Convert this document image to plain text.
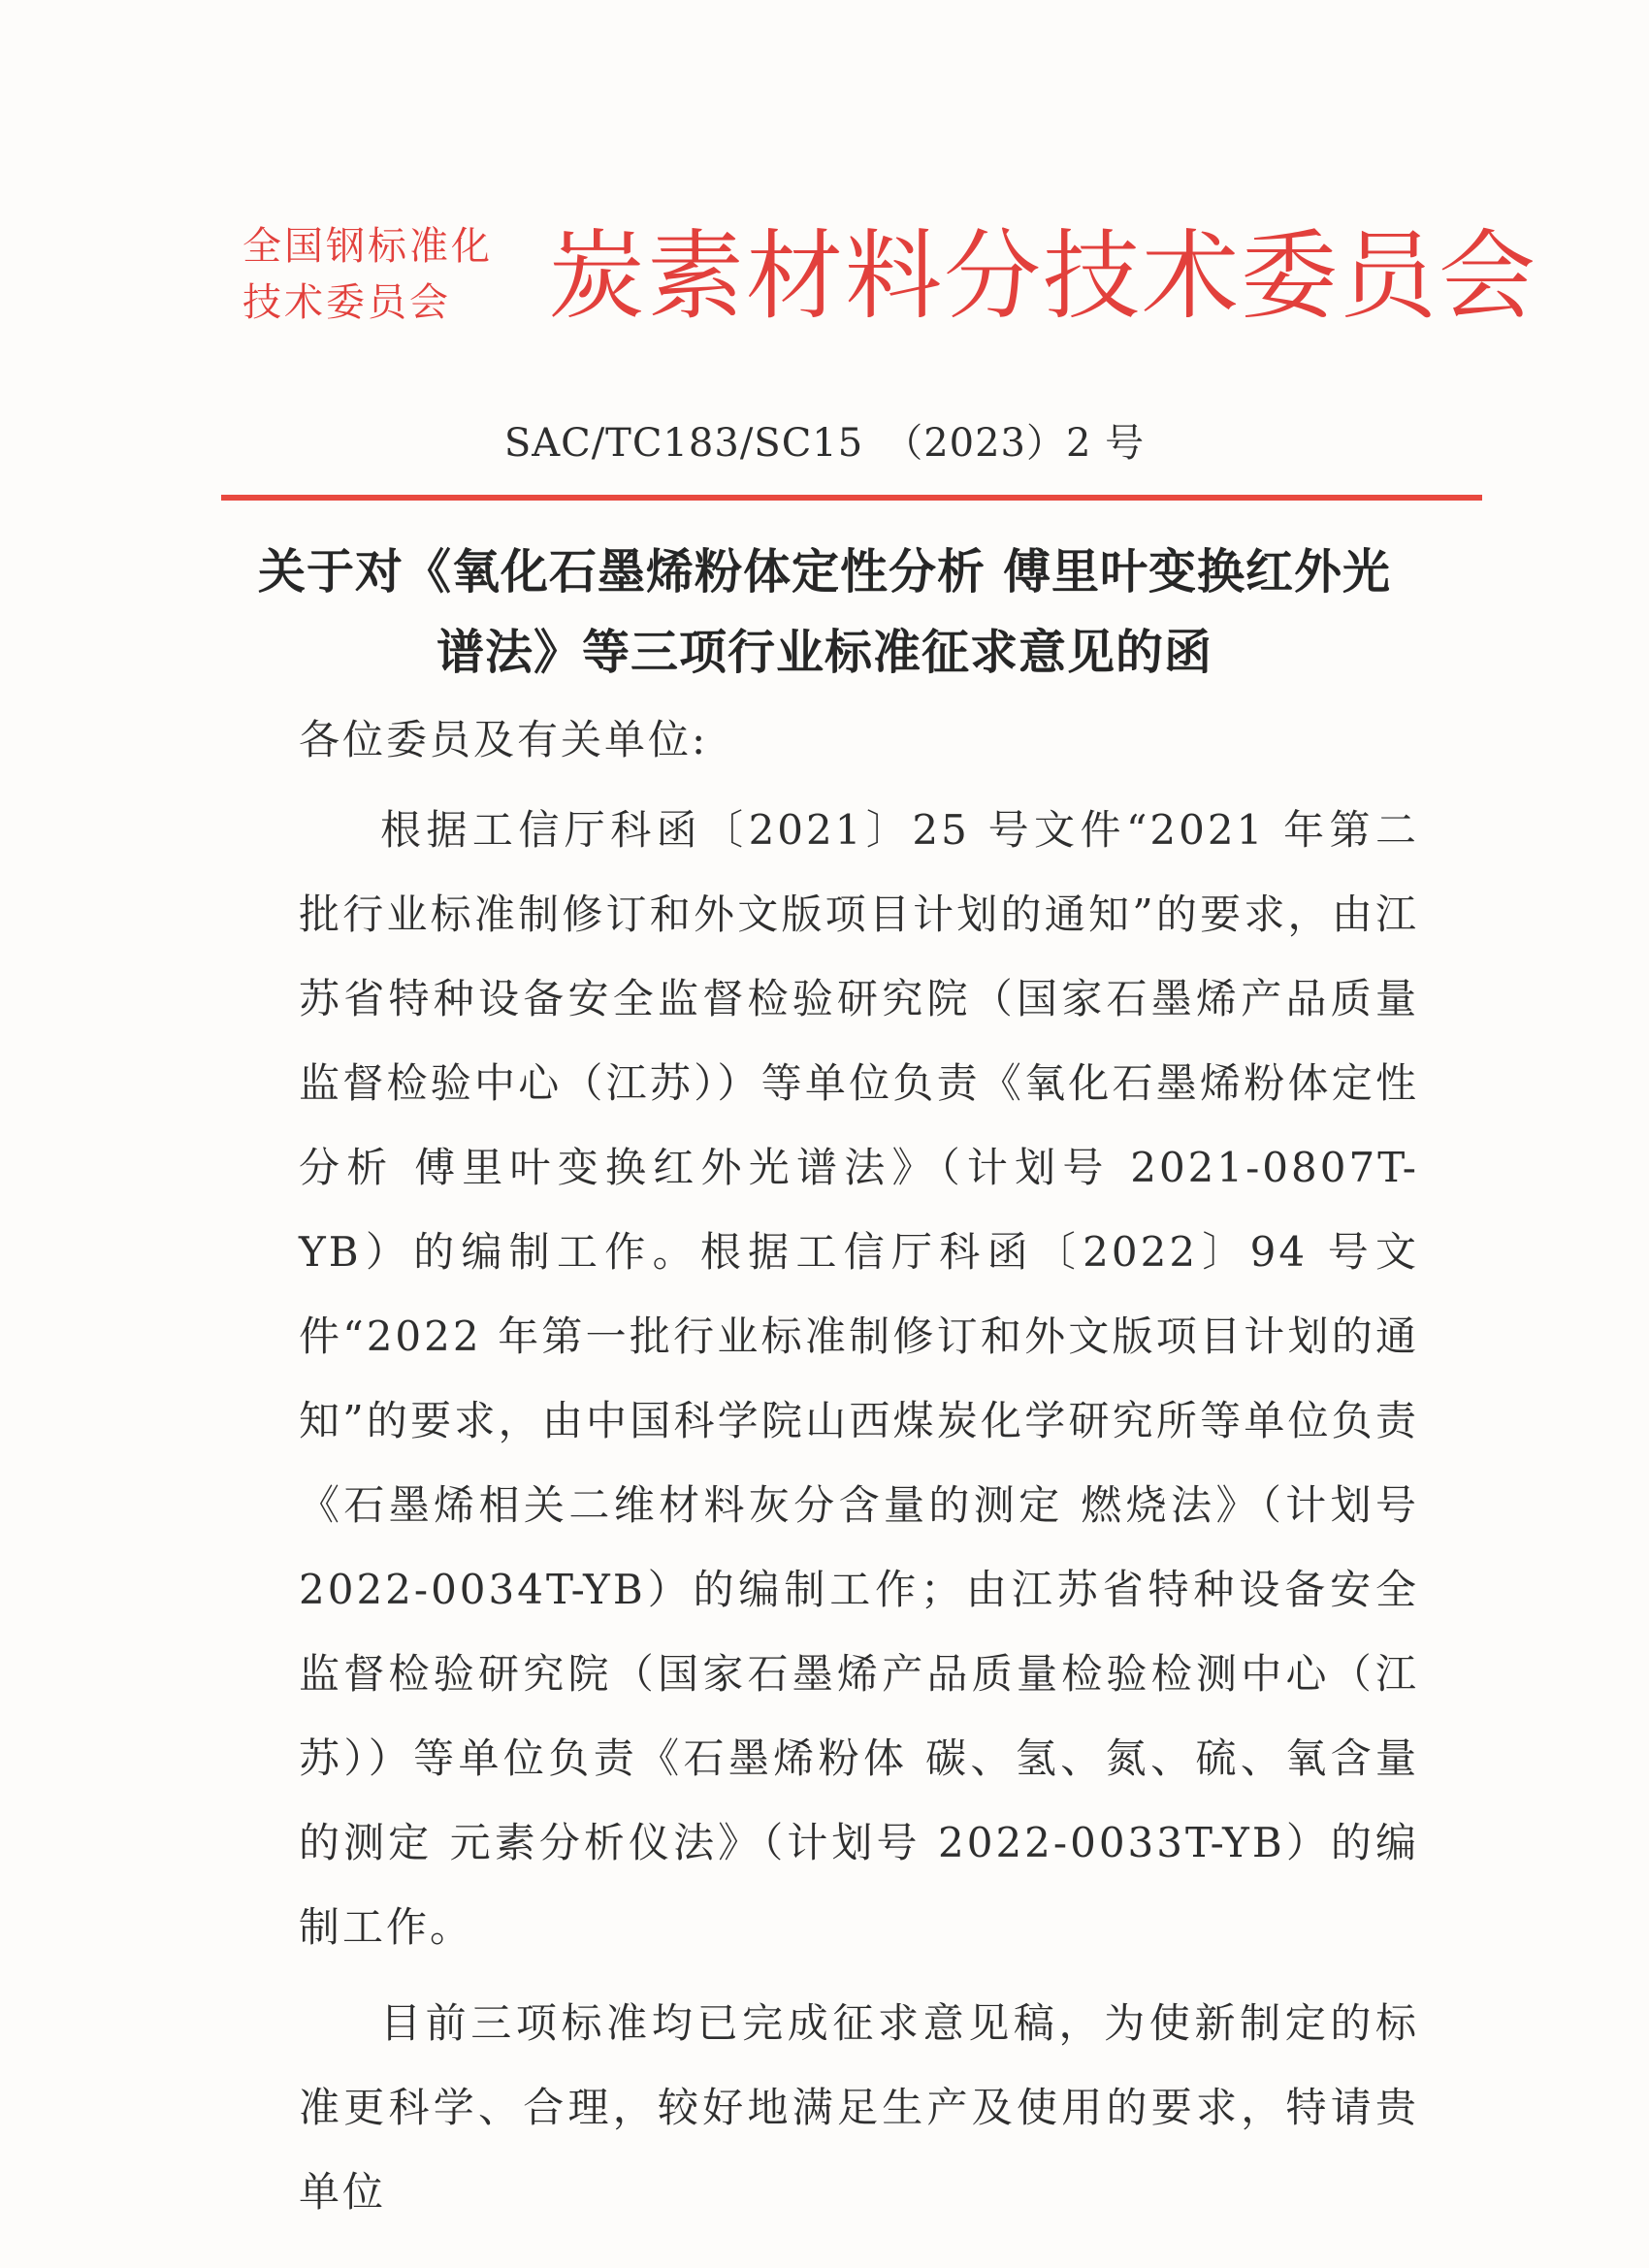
全国钢标准化
技术委员会	炭素材料分技术委员会
SAC/TC183/SC15　（2023）2 号
关于对《氧化石墨烯粉体定性分析 傅里叶变换红外光
谱法》等三项行业标准征求意见的函
各位委员及有关单位:

根据工信厅科函〔2021〕25 号文件“2021 年第二批行业标准制修订和外文版项目计划的通知”的要求，由江苏省特种设备安全监督检验研究院（国家石墨烯产品质量监督检验中心（江苏））等单位负责《氧化石墨烯粉体定性分析 傅里叶变换红外光谱法》（计划号 2021-0807T-YB）的编制工作。根据工信厅科函〔2022〕94 号文件“2022 年第一批行业标准制修订和外文版项目计划的通知”的要求，由中国科学院山西煤炭化学研究所等单位负责《石墨烯相关二维材料灰分含量的测定 燃烧法》（计划号 2022-0034T-YB）的编制工作；由江苏省特种设备安全监督检验研究院（国家石墨烯产品质量检验检测中心（江苏））等单位负责《石墨烯粉体 碳、氢、氮、硫、氧含量的测定 元素分析仪法》（计划号 2022-0033T-YB）的编制工作。

目前三项标准均已完成征求意见稿，为使新制定的标准更科学、合理，较好地满足生产及使用的要求，特请贵单位
